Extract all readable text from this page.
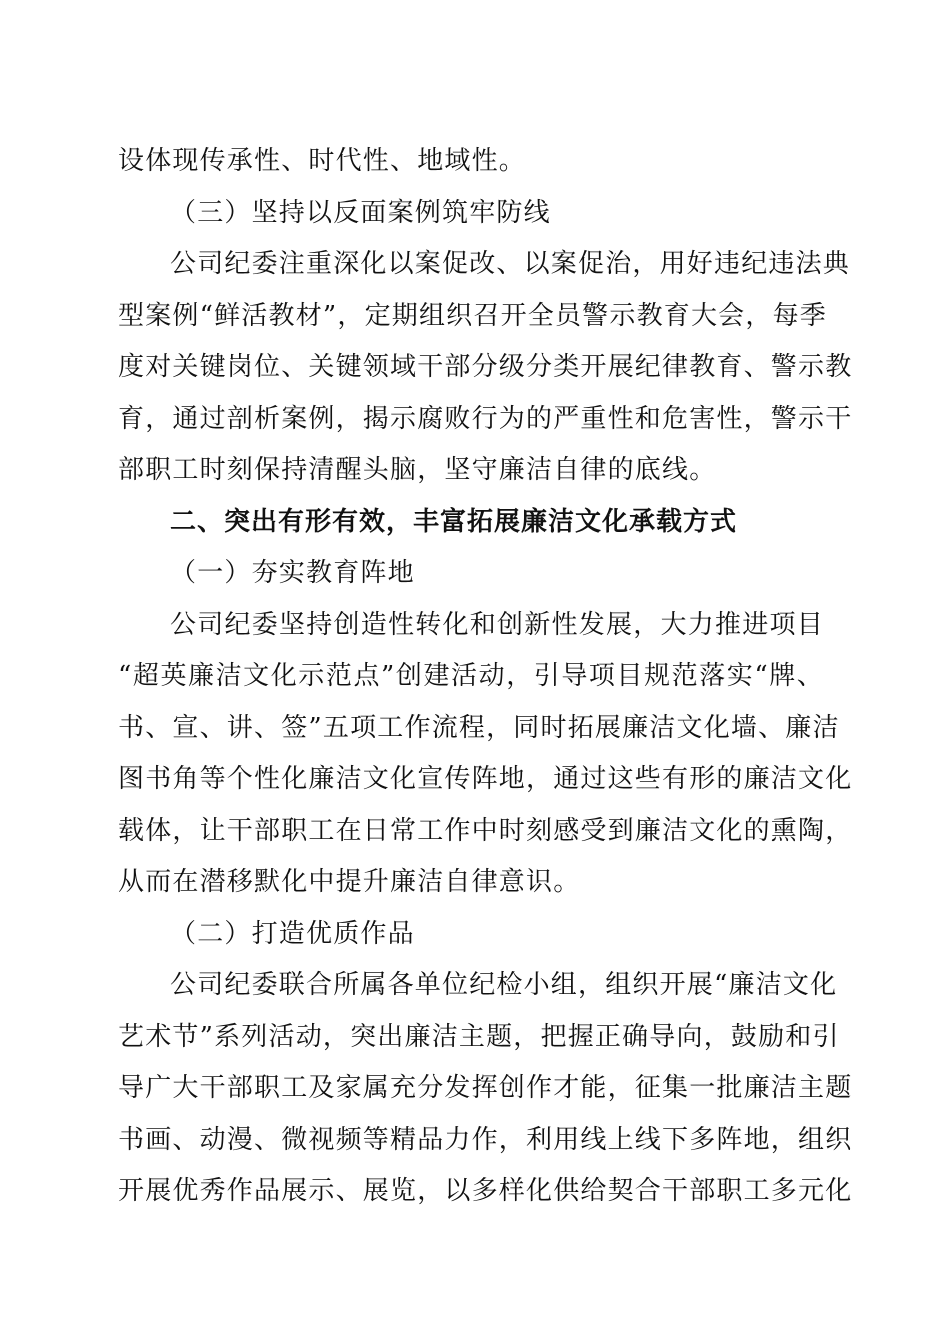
设体现传承性、时代性、地域性。
（三）坚持以反面案例筑牢防线
公司纪委注重深化以案促改、以案促治，用好违纪违法典
型案例“鲜活教材”，定期组织召开全员警示教育大会，每季
度对关键岗位、关键领域干部分级分类开展纪律教育、警示教
育，通过剖析案例，揭示腐败行为的严重性和危害性，警示干
部职工时刻保持清醒头脑，坚守廉洁自律的底线。
二、突出有形有效，丰富拓展廉洁文化承载方式
（一）夯实教育阵地
公司纪委坚持创造性转化和创新性发展，大力推进项目
“超英廉洁文化示范点”创建活动，引导项目规范落实“牌、
书、宣、讲、签”五项工作流程，同时拓展廉洁文化墙、廉洁
图书角等个性化廉洁文化宣传阵地，通过这些有形的廉洁文化
载体，让干部职工在日常工作中时刻感受到廉洁文化的熏陶，
从而在潜移默化中提升廉洁自律意识。
（二）打造优质作品
公司纪委联合所属各单位纪检小组，组织开展“廉洁文化
艺术节”系列活动，突出廉洁主题，把握正确导向，鼓励和引
导广大干部职工及家属充分发挥创作才能，征集一批廉洁主题
书画、动漫、微视频等精品力作，利用线上线下多阵地，组织
开展优秀作品展示、展览，以多样化供给契合干部职工多元化
